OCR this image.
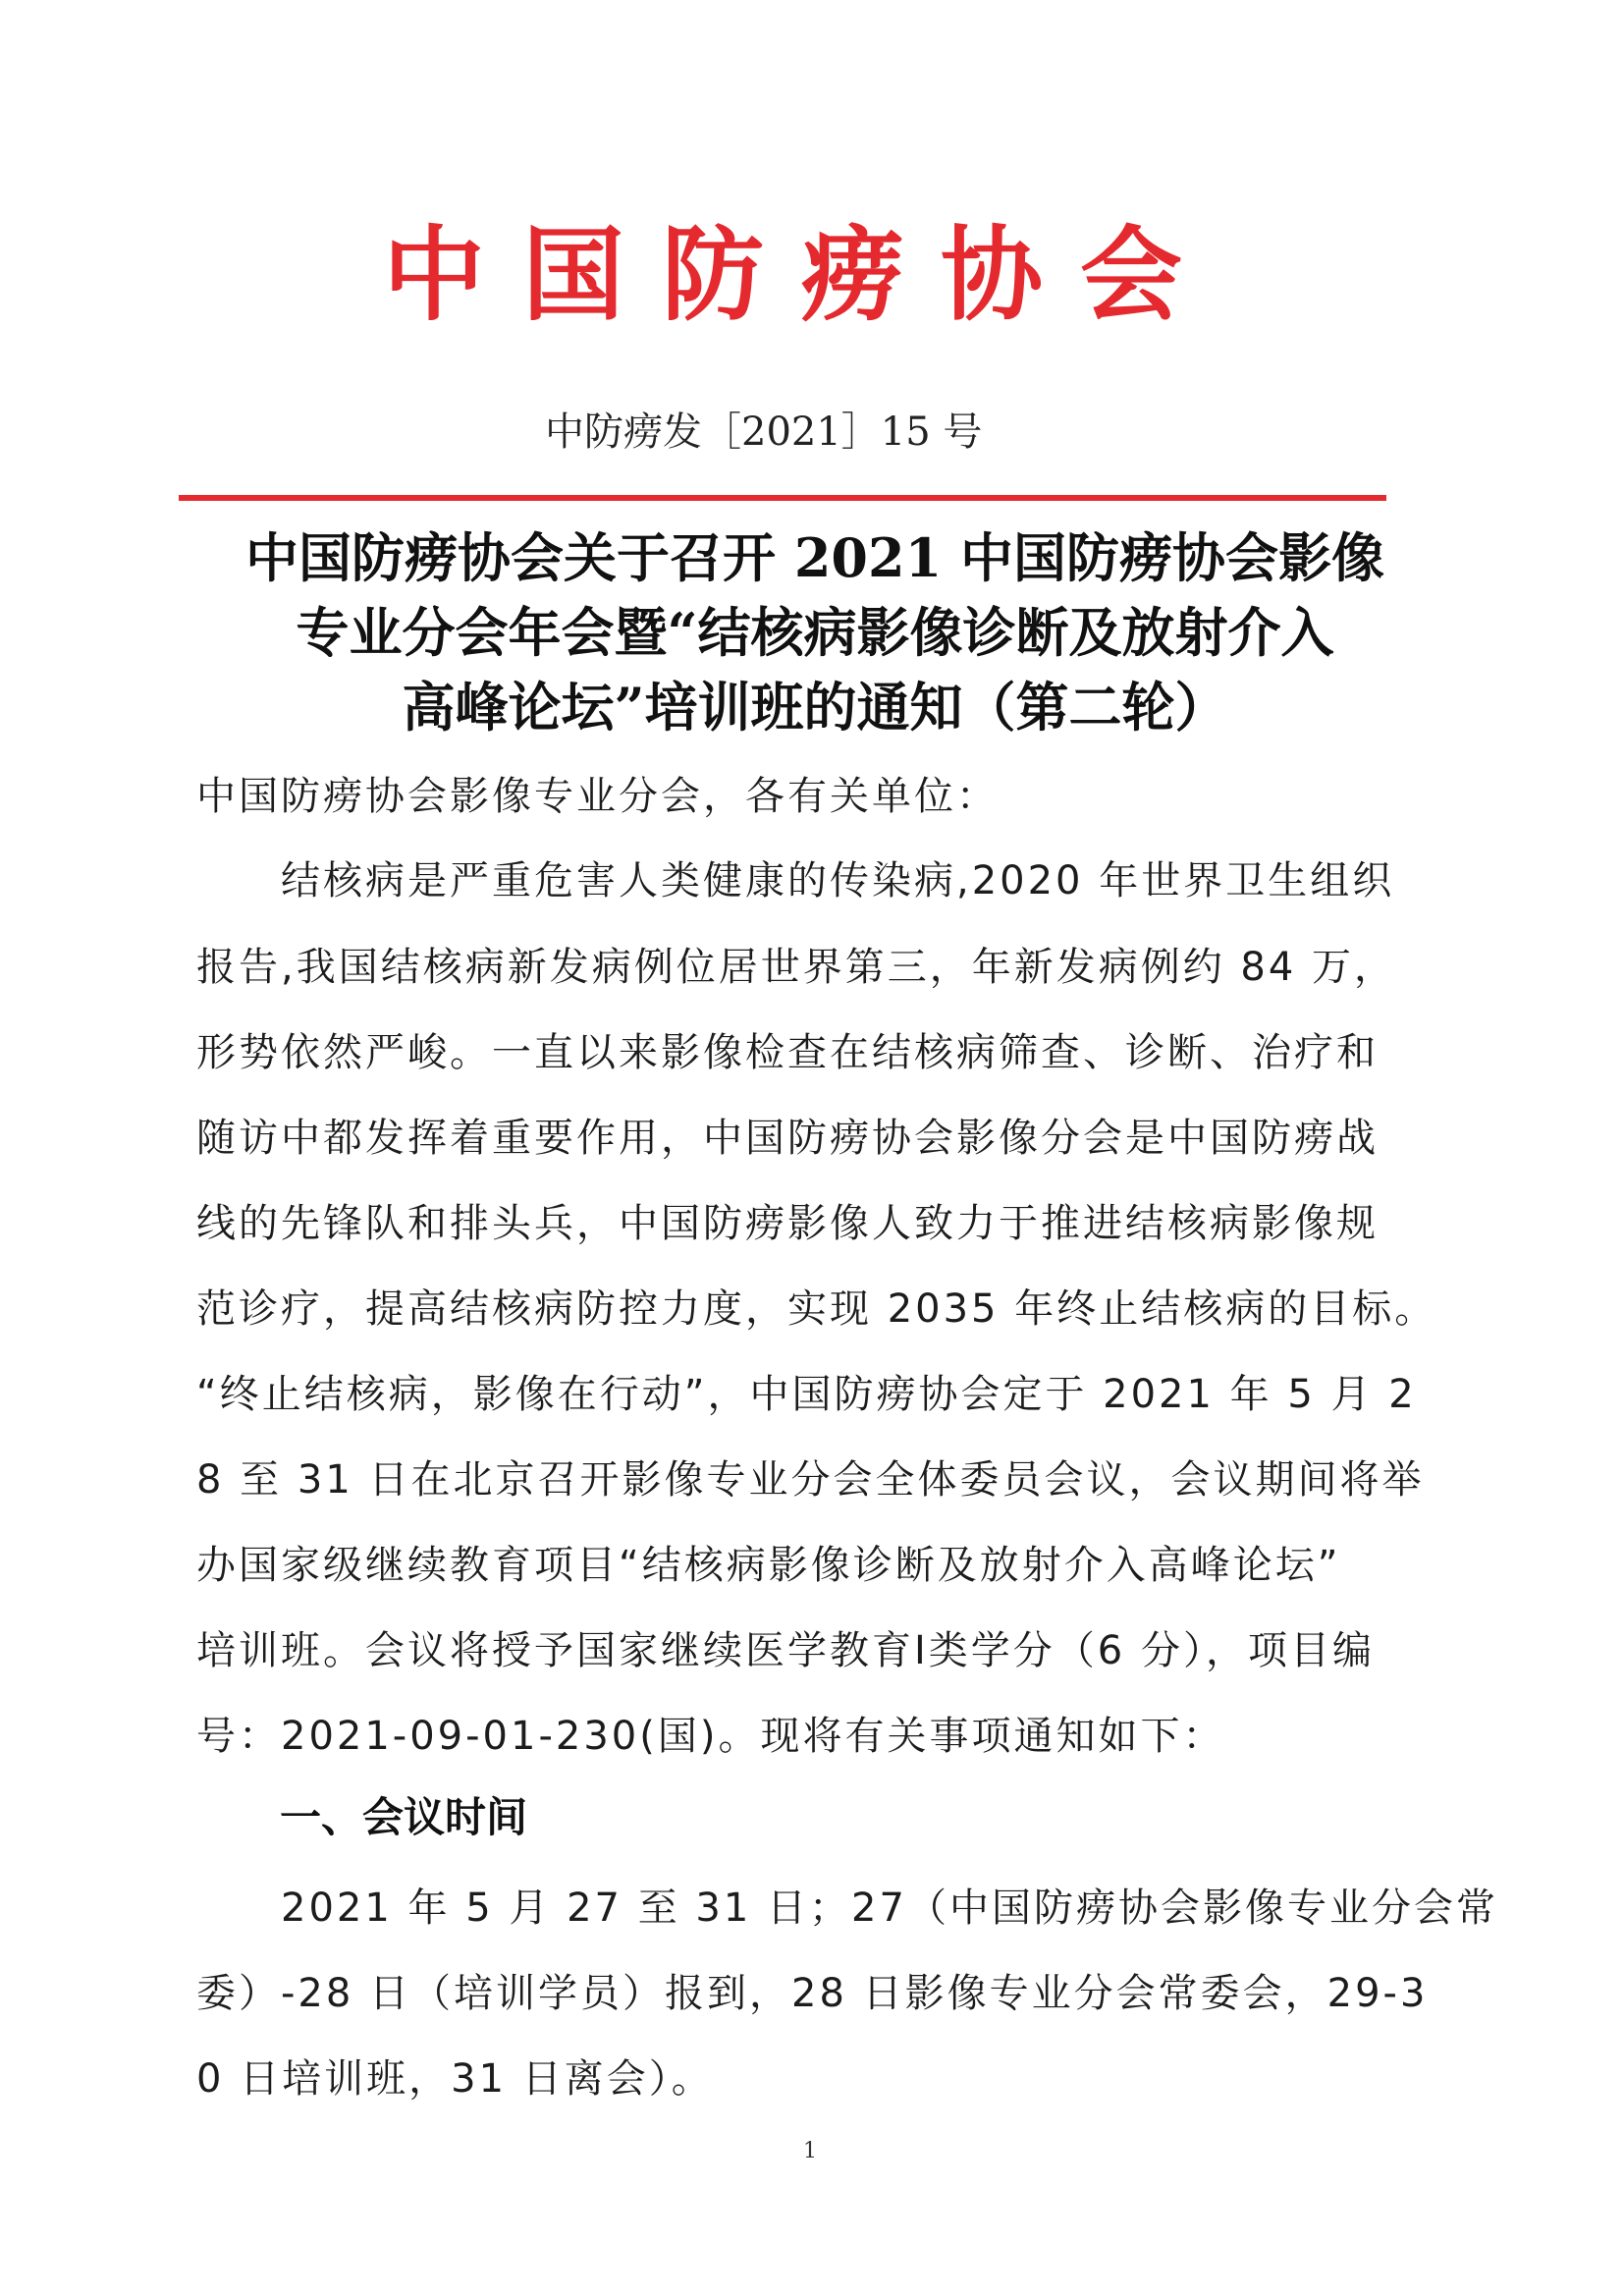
中国防痨协会
中防痨发［2021］15 号
中国防痨协会关于召开 2021 中国防痨协会影像
专业分会年会暨“结核病影像诊断及放射介入
高峰论坛”培训班的通知（第二轮）
中国防痨协会影像专业分会，各有关单位：
　　结核病是严重危害人类健康的传染病,2020 年世界卫生组织
报告,我国结核病新发病例位居世界第三，年新发病例约 84 万，
形势依然严峻。一直以来影像检查在结核病筛查、诊断、治疗和
随访中都发挥着重要作用，中国防痨协会影像分会是中国防痨战
线的先锋队和排头兵，中国防痨影像人致力于推进结核病影像规
范诊疗，提高结核病防控力度，实现 2035 年终止结核病的目标。
“终止结核病，影像在行动”，中国防痨协会定于 2021 年 5 月 2
8 至 31 日在北京召开影像专业分会全体委员会议，会议期间将举
办国家级继续教育项目“结核病影像诊断及放射介入高峰论坛”
培训班。会议将授予国家继续医学教育Ⅰ类学分（6 分），项目编
号：2021-09-01-230(国)。现将有关事项通知如下：
一、会议时间
　　2021 年 5 月 27 至 31 日；27（中国防痨协会影像专业分会常
委）-28 日（培训学员）报到，28 日影像专业分会常委会，29-3
0 日培训班，31 日离会）。
1
